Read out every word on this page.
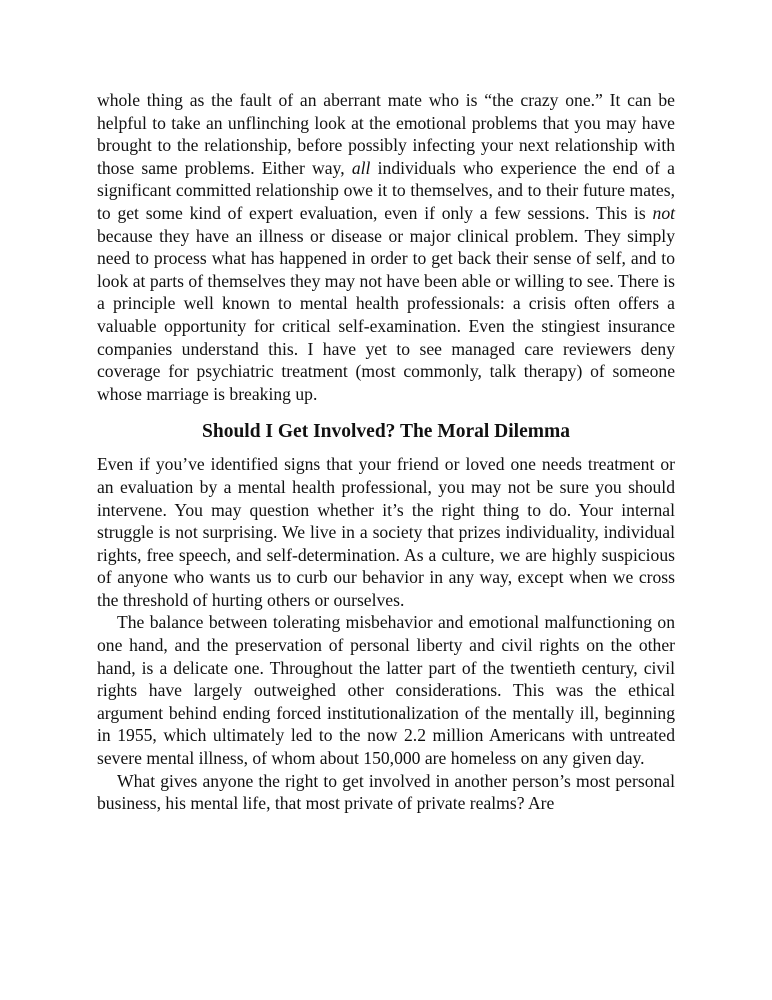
whole thing as the fault of an aberrant mate who is “the crazy one.” It can be helpful to take an unflinching look at the emotional problems that you may have brought to the relationship, before possibly infecting your next relationship with those same problems. Either way, all individuals who experience the end of a significant committed relationship owe it to themselves, and to their future mates, to get some kind of expert evaluation, even if only a few sessions. This is not because they have an illness or disease or major clinical problem. They simply need to process what has happened in order to get back their sense of self, and to look at parts of themselves they may not have been able or willing to see. There is a principle well known to mental health professionals: a crisis often offers a valuable opportunity for critical self-examination. Even the stingiest insurance companies understand this. I have yet to see managed care reviewers deny coverage for psychiatric treatment (most commonly, talk therapy) of someone whose marriage is breaking up.

Should I Get Involved? The Moral Dilemma

Even if you’ve identified signs that your friend or loved one needs treatment or an evaluation by a mental health professional, you may not be sure you should intervene. You may question whether it’s the right thing to do. Your internal struggle is not surprising. We live in a society that prizes individuality, individual rights, free speech, and self-determination. As a culture, we are highly suspicious of anyone who wants us to curb our behavior in any way, except when we cross the threshold of hurting others or ourselves.

The balance between tolerating misbehavior and emotional malfunctioning on one hand, and the preservation of personal liberty and civil rights on the other hand, is a delicate one. Throughout the latter part of the twentieth century, civil rights have largely outweighed other considerations. This was the ethical argument behind ending forced institutionalization of the mentally ill, beginning in 1955, which ultimately led to the now 2.2 million Americans with untreated severe mental illness, of whom about 150,000 are homeless on any given day.

What gives anyone the right to get involved in another person’s most personal business, his mental life, that most private of private realms? Are
